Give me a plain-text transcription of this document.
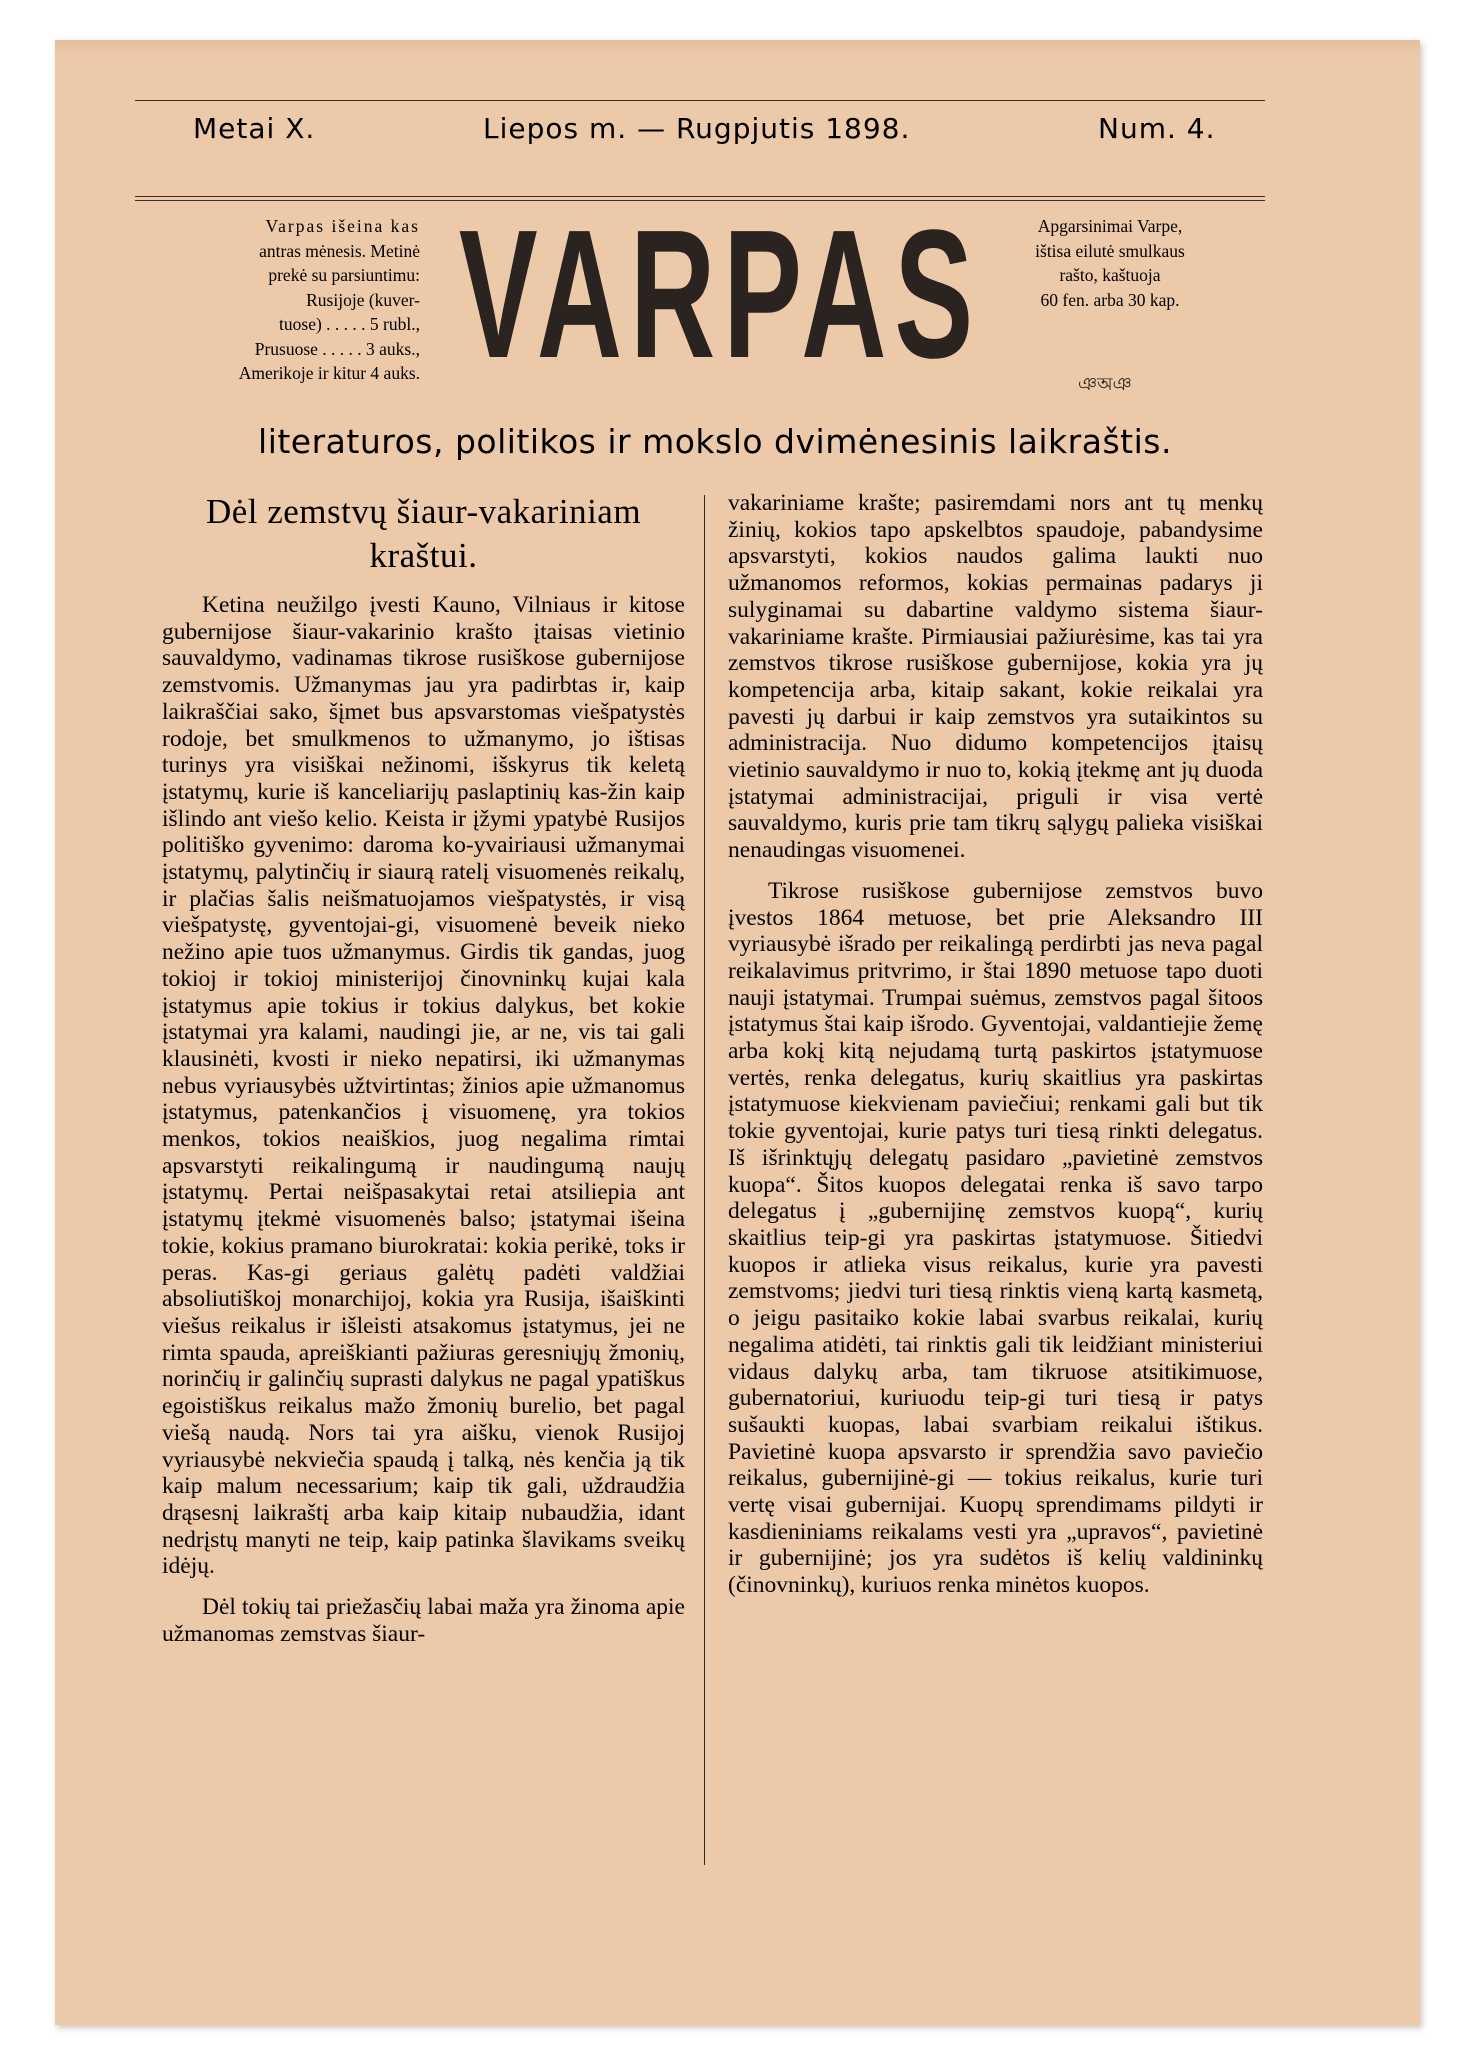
Metai X.	Liepos m. — Rugpjutis 1898.	Num. 4.
Varpas išeina kas
antras mėnesis. Metinė
prekė su parsiuntimu:
Rusijoje (kuver-
tuose) . . . . . 5 rubl.,
Prusuose . . . . . 3 auks.,
Amerikoje ir kitur 4 auks. VARPAS	Apgarsinimai Varpe,
ištisa eilutė smulkaus
rašto, kaštuoja
60 fen. arba 30 kap.
ঞঅঞ
literaturos, politikos ir mokslo dvimėnesinis laikraštis.

Dėl zemstvų šiaur-vakariniam kraštui.

Ketina neužilgo įvesti Kauno, Vilniaus ir kitose gubernijose šiaur-vakarinio krašto įtaisas vietinio sauvaldymo, vadinamas tikrose rusiškose gubernijose zemstvomis. Užmanymas jau yra padirbtas ir, kaip laikraščiai sako, šįmet bus apsvarstomas viešpatystės rodoje, bet smulkmenos to užmanymo, jo ištisas turinys yra visiškai nežinomi, išskyrus tik keletą įstatymų, kurie iš kanceliarijų paslaptinių kas-žin kaip išlindo ant viešo kelio. Keista ir įžymi ypatybė Rusijos politiško gyvenimo: daroma ko-yvairiausi užmanymai įstatymų, palytinčių ir siaurą ratelį visuomenės reikalų, ir plačias šalis neišmatuojamos viešpatystės, ir visą viešpatystę, gyventojai-gi, visuomenė beveik nieko nežino apie tuos užmanymus. Girdis tik gandas, juog tokioj ir tokioj ministerijoj činovninkų kujai kala įstatymus apie tokius ir tokius dalykus, bet kokie įstatymai yra kalami, naudingi jie, ar ne, vis tai gali klausinėti, kvosti ir nieko nepatirsi, iki užmanymas nebus vyriausybės užtvirtintas; žinios apie užmanomus įstatymus, patenkančios į visuomenę, yra tokios menkos, tokios neaiškios, juog negalima rimtai apsvarstyti reikalingumą ir naudingumą naujų įstatymų. Pertai neišpasakytai retai atsiliepia ant įstatymų įtekmė visuomenės balso; įstatymai išeina tokie, kokius pramano biurokratai: kokia perikė, toks ir peras. Kas-gi geriaus galėtų padėti valdžiai absoliutiškoj monarchijoj, kokia yra Rusija, išaiškinti viešus reikalus ir išleisti atsakomus įstatymus, jei ne rimta spauda, apreiškianti pažiuras geresniųjų žmonių, norinčių ir galinčių suprasti dalykus ne pagal ypatiškus egoistiškus reikalus mažo žmonių burelio, bet pagal viešą naudą. Nors tai yra aišku, vienok Rusijoj vyriausybė nekviečia spaudą į talką, nės kenčia ją tik kaip malum necessarium; kaip tik gali, uždraudžia drąsesnį laikraštį arba kaip kitaip nubaudžia, idant nedrįstų manyti ne teip, kaip patinka šlavikams sveikų idėjų.

Dėl tokių tai priežasčių labai maža yra žinoma apie užmanomas zemstvas šiaur-

vakariniame krašte; pasiremdami nors ant tų menkų žinių, kokios tapo apskelbtos spaudoje, pabandysime apsvarstyti, kokios naudos galima laukti nuo užmanomos reformos, kokias permainas padarys ji sulyginamai su dabartine valdymo sistema šiaur-vakariniame krašte. Pirmiausiai pažiurėsime, kas tai yra zemstvos tikrose rusiškose gubernijose, kokia yra jų kompetencija arba, kitaip sakant, kokie reikalai yra pavesti jų darbui ir kaip zemstvos yra sutaikintos su administracija. Nuo didumo kompetencijos įtaisų vietinio sauvaldymo ir nuo to, kokią įtekmę ant jų duoda įstatymai administracijai, priguli ir visa vertė sauvaldymo, kuris prie tam tikrų sąlygų palieka visiškai nenaudingas visuomenei.

Tikrose rusiškose gubernijose zemstvos buvo įvestos 1864 metuose, bet prie Aleksandro III vyriausybė išrado per reikalingą perdirbti jas neva pagal reikalavimus pritvrimo, ir štai 1890 metuose tapo duoti nauji įstatymai. Trumpai suėmus, zemstvos pagal šitoos įstatymus štai kaip išrodo. Gyventojai, valdantiejie žemę arba kokį kitą nejudamą turtą paskirtos įstatymuose vertės, renka delegatus, kurių skaitlius yra paskirtas įstatymuose kiekvienam paviečiui; renkami gali but tik tokie gyventojai, kurie patys turi tiesą rinkti delegatus. Iš išrinktųjų delegatų pasidaro „pavietinė zemstvos kuopa“. Šitos kuopos delegatai renka iš savo tarpo delegatus į „gubernijinę zemstvos kuopą“, kurių skaitlius teip-gi yra paskirtas įstatymuose. Šitiedvi kuopos ir atlieka visus reikalus, kurie yra pavesti zemstvoms; jiedvi turi tiesą rinktis vieną kartą kasmetą, o jeigu pasitaiko kokie labai svarbus reikalai, kurių negalima atidėti, tai rinktis gali tik leidžiant ministeriui vidaus dalykų arba, tam tikruose atsitikimuose, gubernatoriui, kuriuodu teip-gi turi tiesą ir patys sušaukti kuopas, labai svarbiam reikalui ištikus. Pavietinė kuopa apsvarsto ir sprendžia savo paviečio reikalus, gubernijinė-gi — tokius reikalus, kurie turi vertę visai gubernijai. Kuopų sprendimams pildyti ir kasdieniniams reikalams vesti yra „upravos“, pavietinė ir gubernijinė; jos yra sudėtos iš kelių valdininkų (činovninkų), kuriuos renka minėtos kuopos.
